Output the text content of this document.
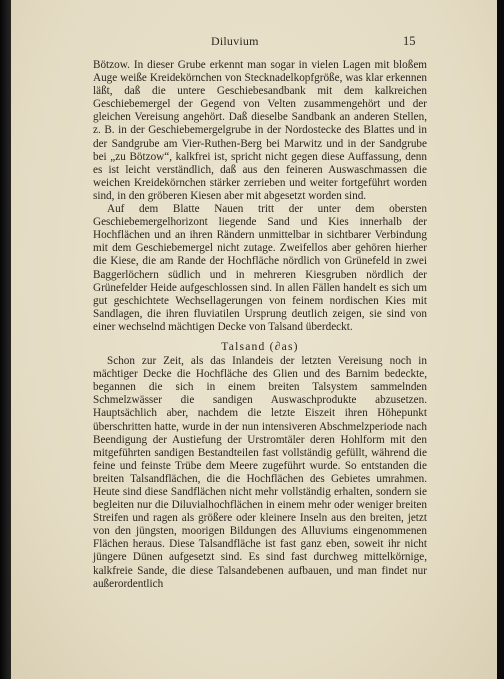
Diluvium	15

Bötzow. In dieser Grube erkennt man sogar in vielen Lagen mit bloßem Auge weiße Kreidekörnchen von Stecknadelkopfgröße, was klar erkennen läßt, daß die untere Geschiebesandbank mit dem kalkreichen Geschiebemergel der Gegend von Velten zusammengehört und der gleichen Vereisung angehört. Daß dieselbe Sandbank an anderen Stellen, z. B. in der Geschiebemergelgrube in der Nordostecke des Blattes und in der Sandgrube am Vier-Ruthen-Berg bei Marwitz und in der Sandgrube bei „zu Bötzow“, kalkfrei ist, spricht nicht gegen diese Auffassung, denn es ist leicht verständlich, daß aus den feineren Auswaschmassen die weichen Kreidekörnchen stärker zerrieben und weiter fortgeführt worden sind, in den gröberen Kiesen aber mit abgesetzt worden sind.

Auf dem Blatte Nauen tritt der unter dem obersten Geschiebemergelhorizont liegende Sand und Kies innerhalb der Hochflächen und an ihren Rändern unmittelbar in sichtbarer Verbindung mit dem Geschiebemergel nicht zutage. Zweifellos aber gehören hierher die Kiese, die am Rande der Hochfläche nördlich von Grünefeld in zwei Baggerlöchern südlich und in mehreren Kiesgruben nördlich der Grünefelder Heide aufgeschlossen sind. In allen Fällen handelt es sich um gut geschichtete Wechsellagerungen von feinem nordischen Kies mit Sandlagen, die ihren fluviatilen Ursprung deutlich zeigen, sie sind von einer wechselnd mächtigen Decke von Talsand überdeckt.

Talsand (∂as)

Schon zur Zeit, als das Inlandeis der letzten Vereisung noch in mächtiger Decke die Hochfläche des Glien und des Barnim bedeckte, begannen die sich in einem breiten Talsystem sammelnden Schmelzwässer die sandigen Auswaschprodukte abzusetzen. Hauptsächlich aber, nachdem die letzte Eiszeit ihren Höhepunkt überschritten hatte, wurde in der nun intensiveren Abschmelzperiode nach Beendigung der Austiefung der Urstromtäler deren Hohlform mit den mitgeführten sandigen Bestandteilen fast vollständig gefüllt, während die feine und feinste Trübe dem Meere zugeführt wurde. So entstanden die breiten Talsandflächen, die die Hochflächen des Gebietes umrahmen. Heute sind diese Sandflächen nicht mehr vollständig erhalten, sondern sie begleiten nur die Diluvialhochflächen in einem mehr oder weniger breiten Streifen und ragen als größere oder kleinere Inseln aus den breiten, jetzt von den jüngsten, moorigen Bildungen des Alluviums eingenommenen Flächen heraus. Diese Talsandfläche ist fast ganz eben, soweit ihr nicht jüngere Dünen aufgesetzt sind. Es sind fast durchweg mittelkörnige, kalkfreie Sande, die diese Talsandebenen aufbauen, und man findet nur außerordentlich
